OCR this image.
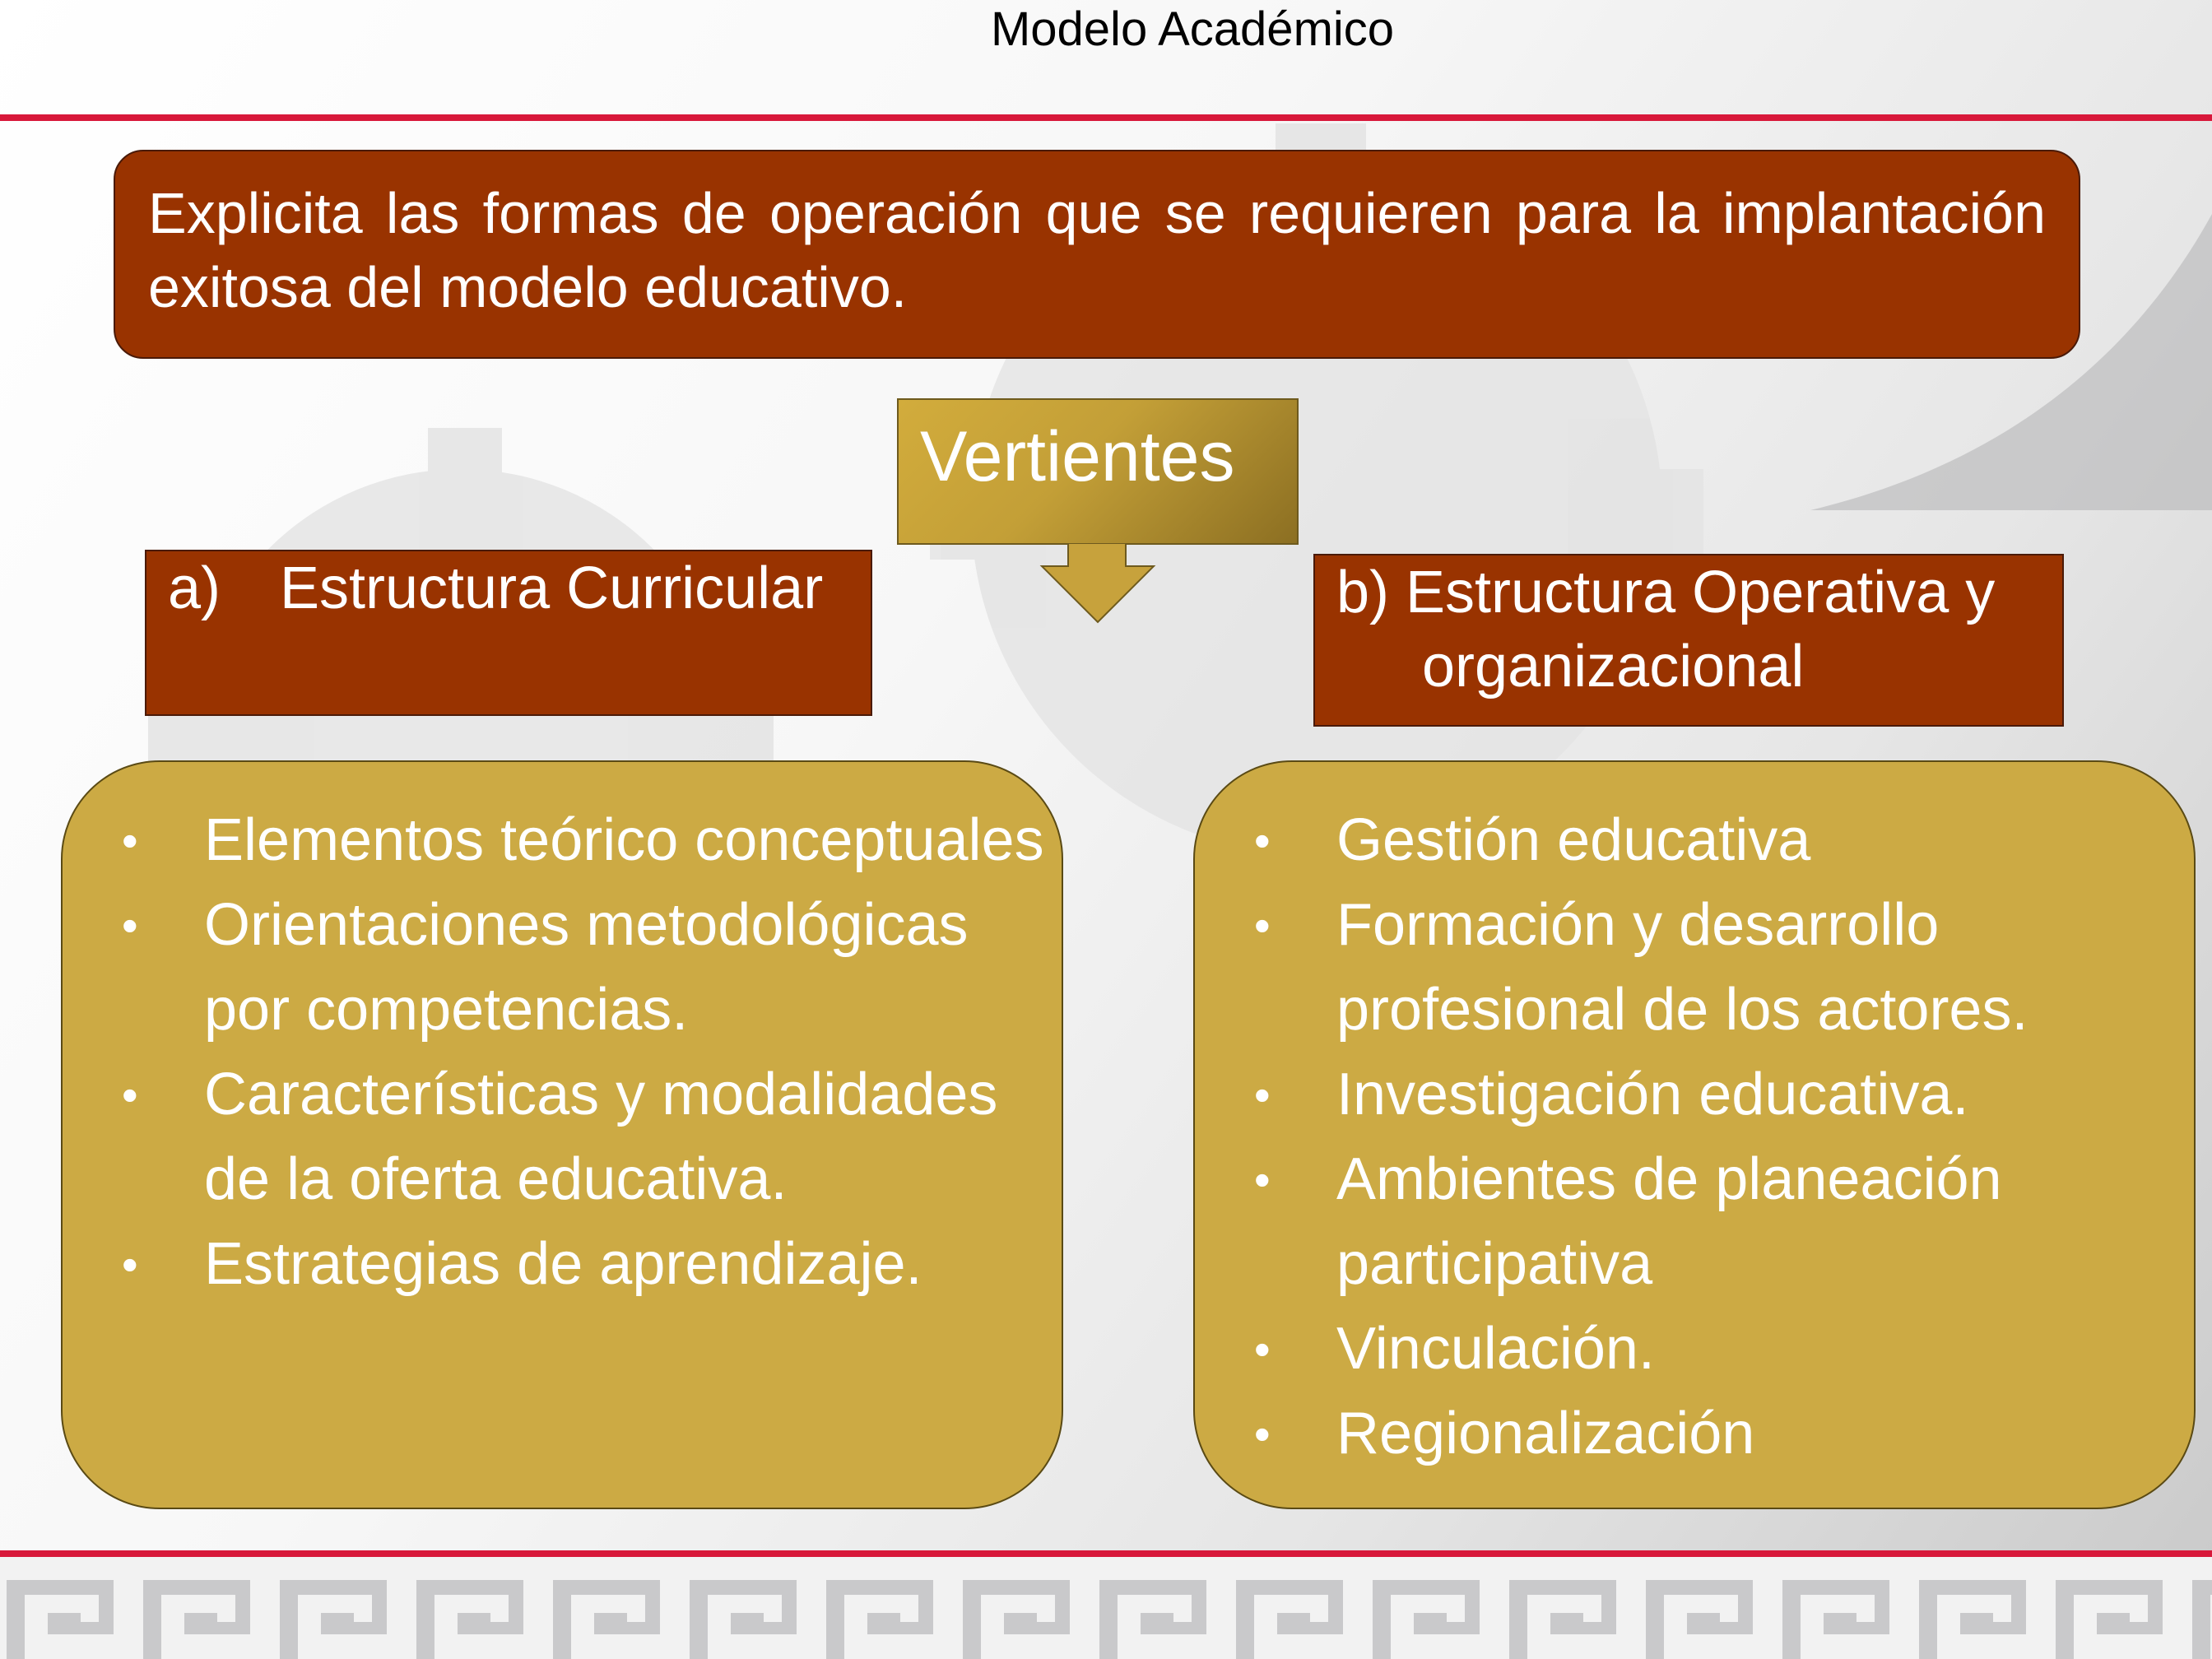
Modelo Académico
Explicita las formas de operación que se requieren para la implantación exitosa del modelo educativo.
Vertientes
a) Estructura Curricular	b) Estructura Operativa y
organizacional
•	Elementos teórico conceptuales
•	Orientaciones metodológicas por competencias.
•	Características y modalidades de la oferta educativa.
•	Estrategias de aprendizaje.
•	Gestión educativa
•	Formación y desarrollo profesional de los actores.
•	Investigación educativa.
•	Ambientes de planeación participativa
•	Vinculación.
•	Regionalización
